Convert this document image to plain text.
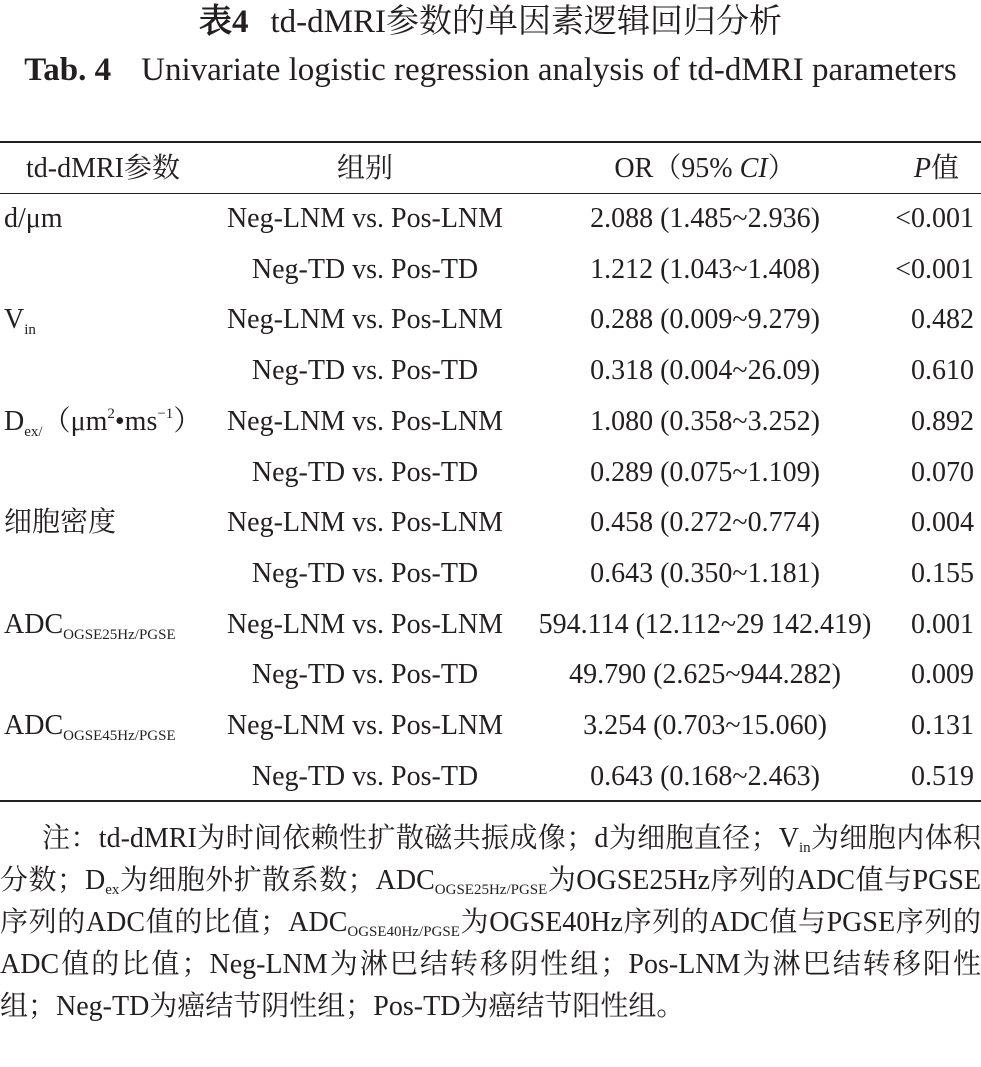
表4 td-dMRI参数的单因素逻辑回归分析
Tab. 4 Univariate logistic regression analysis of td-dMRI parameters
td-dMRI参数	组别	OR（95% CI）	P值
d/μm	Neg-LNM vs. Pos-LNM	2.088 (1.485~2.936)	<0.001
Neg-TD vs. Pos-TD	1.212 (1.043~1.408)	<0.001
$V_{in}$	Neg-LNM vs. Pos-LNM	0.288 (0.009~9.279)	0.482
Neg-TD vs. Pos-TD	0.318 (0.004~26.09)	0.610
$D_{ex/}(\mu m^2•ms^{-1})$ Neg-LNM vs. Pos-LNM	1.080 (0.358~3.252)	0.892
Neg-TD vs. Pos-TD	0.289 (0.075~1.109)	0.070
细胞密度	Neg-LNM vs. Pos-LNM	0.458 (0.272~0.774)	0.004
Neg-TD vs. Pos-TD	0.643 (0.350~1.181)	0.155
$ADC_{OGSE25Hz/PGSE}$	Neg-LNM vs. Pos-LNM	594.114 (12.112~29 142.419) 0.001
Neg-TD vs. Pos-TD	49.790 (2.625~944.282)	0.009
$ADC_{OGSE45Hz/PGSE}$	Neg-LNM vs. Pos-LNM	3.254 (0.703~15.060)	0.131
Neg-TD vs. Pos-TD	0.643 (0.168~2.463)	0.519

注：td-dMRI为时间依赖性扩散磁共振成像；d为细胞直径；$V_{in}$为细胞内体积分数；$D_{ex}$为细胞外扩散系数；$ADC_{OGSE25Hz/PGSE}$为OGSE25Hz序列的ADC值与PGSE序列的ADC值的比值；$ADC_{OGSE40Hz/PGSE}$为OGSE40Hz序列的ADC值与PGSE序列的ADC值的比值；Neg-LNM为淋巴结转移阴性组；Pos-LNM为淋巴结转移阳性组；Neg-TD为癌结节阴性组；Pos-TD为癌结节阳性组。
